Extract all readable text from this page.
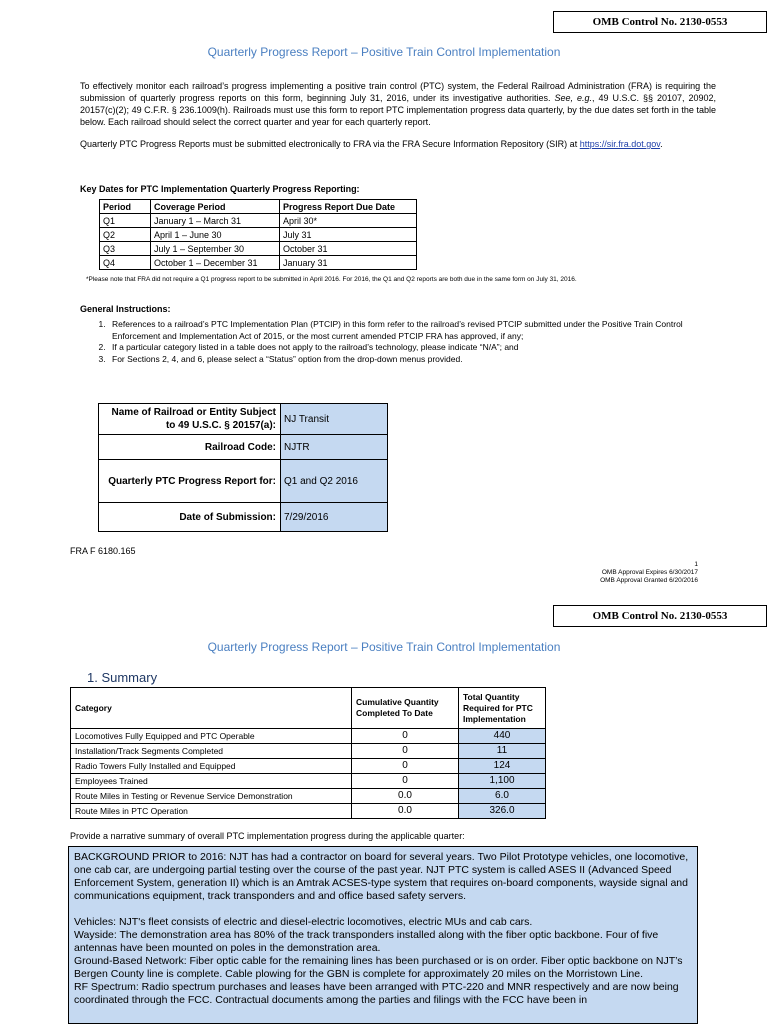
OMB Control No. 2130-0553
Quarterly Progress Report – Positive Train Control Implementation
To effectively monitor each railroad’s progress implementing a positive train control (PTC) system, the Federal Railroad Administration (FRA) is requiring the submission of quarterly progress reports on this form, beginning July 31, 2016, under its investigative authorities. See, e.g., 49 U.S.C. §§ 20107, 20902, 20157(c)(2); 49 C.F.R. § 236.1009(h). Railroads must use this form to report PTC implementation progress data quarterly, by the due dates set forth in the table below. Each railroad should select the correct quarter and year for each quarterly report.
Quarterly PTC Progress Reports must be submitted electronically to FRA via the FRA Secure Information Repository (SIR) at https://sir.fra.dot.gov.
Key Dates for PTC Implementation Quarterly Progress Reporting:
Period	Coverage Period	Progress Report Due Date
Q1	January 1 – March 31	April 30*
Q2	April 1 – June 30	July 31
Q3	July 1 – September 30	October 31
Q4	October 1 – December 31	January 31
*Please note that FRA did not require a Q1 progress report to be submitted in April 2016. For 2016, the Q1 and Q2 reports are both due in the same form on July 31, 2016.
General Instructions:
1. References to a railroad’s PTC Implementation Plan (PTCIP) in this form refer to the railroad’s revised PTCIP submitted under the Positive Train Control Enforcement and Implementation Act of 2015, or the most current amended PTCIP FRA has approved, if any;
2. If a particular category listed in a table does not apply to the railroad’s technology, please indicate “N/A”; and
3. For Sections 2, 4, and 6, please select a “Status” option from the drop-down menus provided.
Name of Railroad or Entity Subject to 49 U.S.C. § 20157(a):	NJ Transit
Railroad Code:	NJTR
Quarterly PTC Progress Report for:	Q1 and Q2 2016
Date of Submission:	7/29/2016
FRA F 6180.165
1
OMB Approval Expires 6/30/2017
OMB Approval Granted 6/20/2016
OMB Control No. 2130-0553
Quarterly Progress Report – Positive Train Control Implementation
1. Summary
Category	Cumulative Quantity Completed To Date	Total Quantity Required for PTC Implementation
Locomotives Fully Equipped and PTC Operable	0	440
Installation/Track Segments Completed	0	11
Radio Towers Fully Installed and Equipped	0	124
Employees Trained	0	1,100
Route Miles in Testing or Revenue Service Demonstration	0.0	6.0
Route Miles in PTC Operation	0.0	326.0
Provide a narrative summary of overall PTC implementation progress during the applicable quarter:

BACKGROUND PRIOR to 2016: NJT has had a contractor on board for several years. Two Pilot Prototype vehicles, one locomotive, one cab car, are undergoing partial testing over the course of the past year. NJT PTC system is called ASES II (Advanced Speed Enforcement System, generation II) which is an Amtrak ACSES-type system that requires on-board components, wayside signal and communications equipment, track transponders and and office based safety servers.

Vehicles: NJT's fleet consists of electric and diesel-electric locomotives, electric MUs and cab cars.

Wayside: The demonstration area has 80% of the track transponders installed along with the fiber optic backbone. Four of five antennas have been mounted on poles in the demonstration area.

Ground-Based Network: Fiber optic cable for the remaining lines has been purchased or is on order. Fiber optic backbone on NJT’s Bergen County line is complete. Cable plowing for the GBN is complete for approximately 20 miles on the Morristown Line.

RF Spectrum: Radio spectrum purchases and leases have been arranged with PTC-220 and MNR respectively and are now being coordinated through the FCC. Contractual documents among the parties and filings with the FCC have been in
